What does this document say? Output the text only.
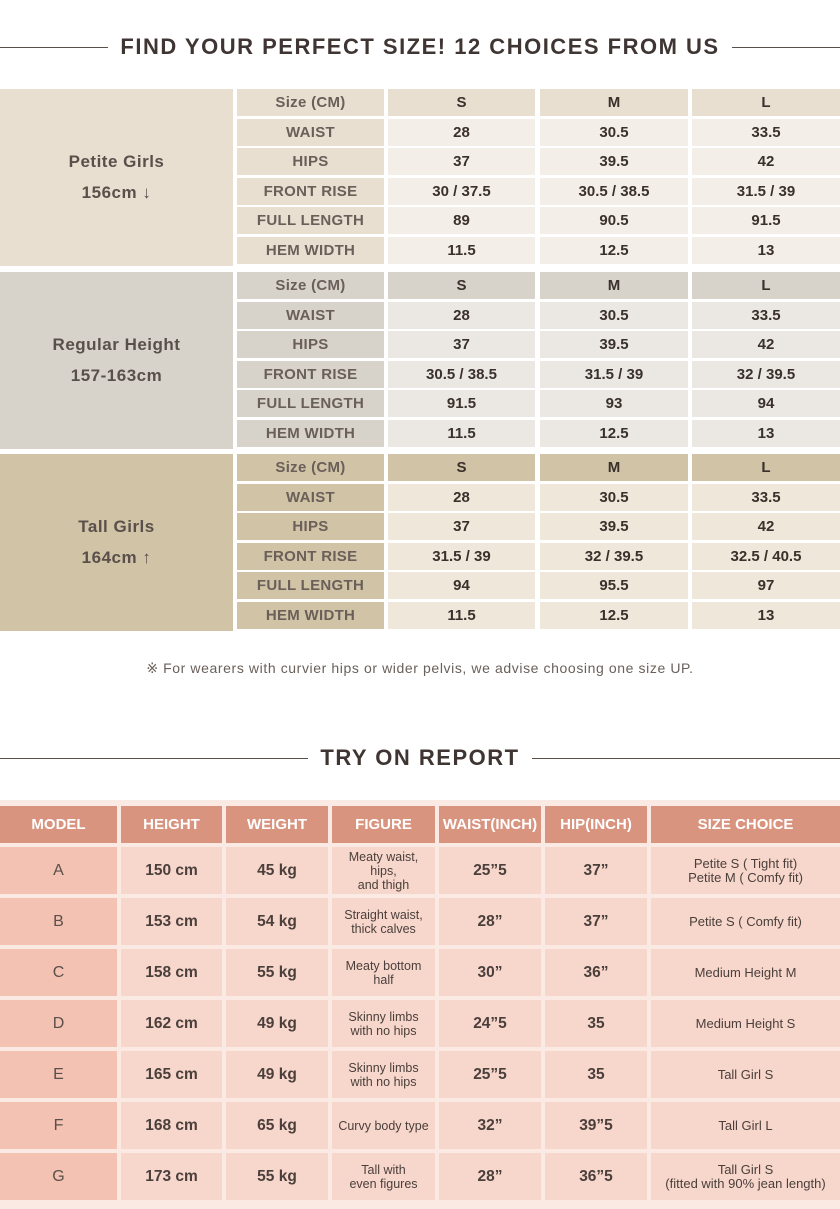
FIND YOUR PERFECT SIZE! 12 CHOICES FROM US
Petite Girls
156cm ↓
Size (CM)	S	M	L
WAIST	28	30.5	33.5
HIPS	37	39.5	42
FRONT RISE	30 / 37.5	30.5 / 38.5	31.5 / 39
FULL LENGTH	89	90.5	91.5
HEM WIDTH	11.5	12.5	13
Regular Height
157-163cm
Size (CM)	S	M	L
WAIST	28	30.5	33.5
HIPS	37	39.5	42
FRONT RISE	30.5 / 38.5	31.5 / 39	32 / 39.5
FULL LENGTH	91.5	93	94
HEM WIDTH	11.5	12.5	13
Tall Girls
164cm ↑
Size (CM)	S	M	L
WAIST	28	30.5	33.5
HIPS	37	39.5	42
FRONT RISE	31.5 / 39	32 / 39.5	32.5 / 40.5
FULL LENGTH	94	95.5	97
HEM WIDTH	11.5	12.5	13
※ For wearers with curvier hips or wider pelvis, we advise choosing one size UP.
TRY ON REPORT
MODEL	HEIGHT	WEIGHT	FIGURE	WAIST(INCH)	HIP(INCH)	SIZE CHOICE
A	150 cm	45 kg
Meaty waist, hips,
and thigh
25”5	37”	Petite S ( Tight fit)
Petite M ( Comfy fit)
B	153 cm	54 kg	Straight waist,
thick calves	28”	37”	Petite S ( Comfy fit)
C	158 cm	55 kg	Meaty bottom half	30”	36”	Medium Height M
D	162 cm	49 kg	Skinny limbs
with no hips	24”5	35	Medium Height S
E	165 cm	49 kg	Skinny limbs
with no hips	25”5	35	Tall Girl S
F	168 cm	65 kg	Curvy body type	32”	39”5	Tall Girl L
G	173 cm	55 kg	Tall with
even figures	28”	36”5	Tall Girl S
(fitted with 90% jean length)
